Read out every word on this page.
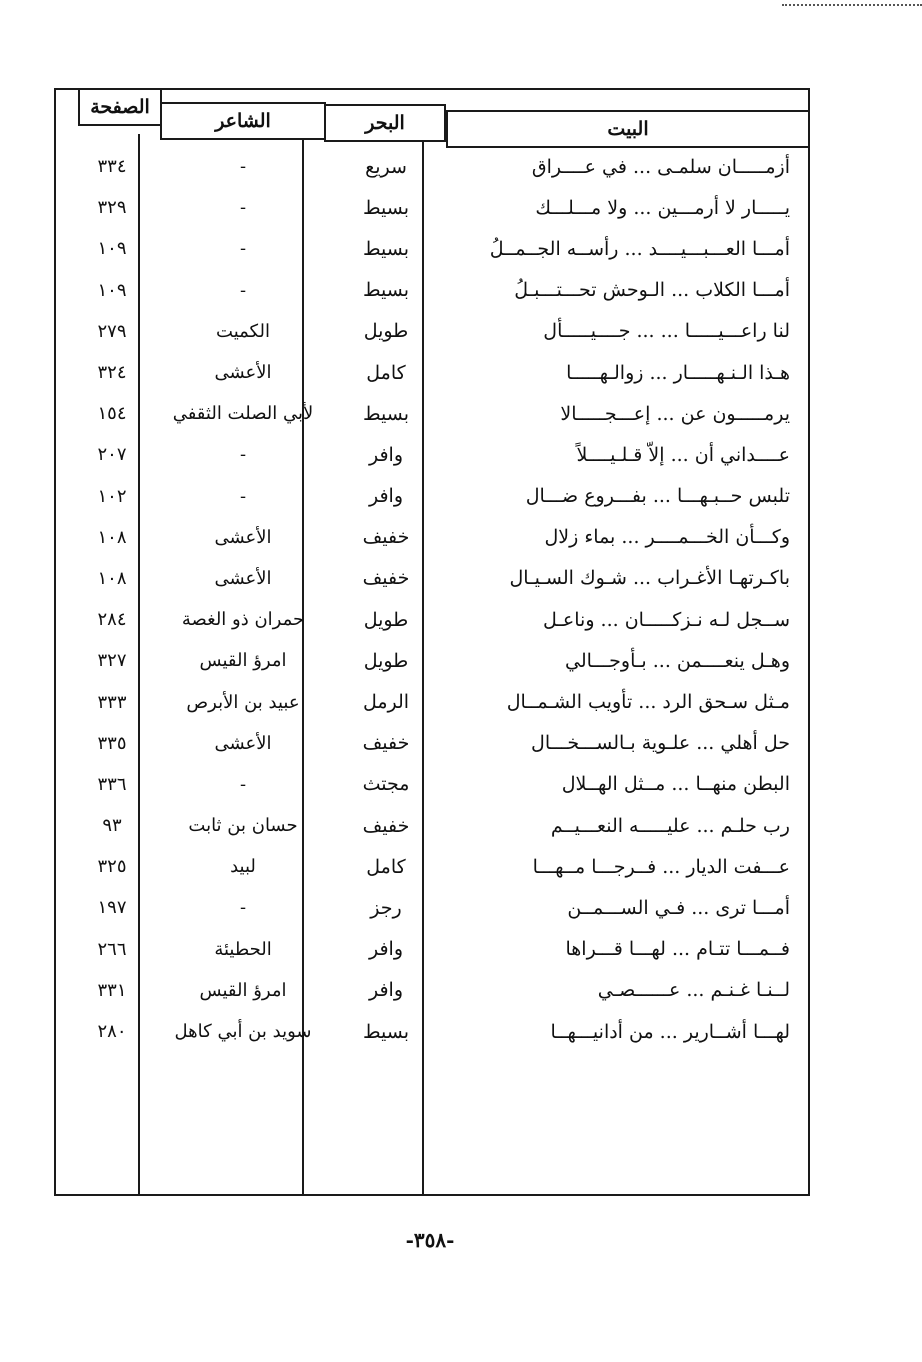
الصفحة
الشاعر	البحر	البيت
أزمـــــان سلمـى ... في عــــراق
سريع
-
٣٣٤
يـــــار لا أرمـــين ... ولا مـــلـــك
بسيط
-
٣٢٩
أمـــا العـــبـــيــــد ... رأســه الجــمــلُ
بسيط
-
١٠٩
أمـــا الكلاب ... الـوحش تحـــتـــبـلُ
بسيط
-
١٠٩
لنا راعـــيـــــا ... ... جــــيـــــأل
طويل
الكميت
٢٧٩
هـذا الـنـهـــــار ... زوالـهـــــا
كامل
الأعشى
٣٢٤
يرمـــــون عن ... إعـــجـــــالا
بسيط
لأبي الصلت الثقفي
١٥٤
عــــداني أن ... إلاّ قـلـيــــلاً
وافر
-
٢٠٧
تلبس حــبـهـــا ... بفـــروع ضـــال
وافر
-
١٠٢
وكـــأن الخـــمــــر ... بماء زلال
خفيف
الأعشى
١٠٨
باكـرتهـا الأغـراب ... شـوك السـيـال
خفيف
الأعشى
١٠٨
ســجل لـه نـزكـــــان ... وناعـل
طويل
حمران ذو الغصة
٢٨٤
وهـل ينعــــمن ... بـأوجـــالي
طويل
امرؤ القيس
٣٢٧
مـثل سـحق الرد ... تأويب الشـمــال
الرمل
عبيد بن الأبرص
٣٣٣
حل أهلي ... علـوية بـالســـخـــال
خفيف
الأعشى
٣٣٥
البطن منهــا ... مــثل الهــلال
مجتث
-
٣٣٦
رب حلـم ... عليـــــه النعـــيــم
خفيف
حسان بن ثابت
٩٣
عـــفت الديار ... فــرجـــا مــهـــا
كامل
لبيد
٣٢٥
أمـــا ترى ... فـي الســـمــن
رجز
-
١٩٧
فــمـــا تتـام ... لهـــا قـــراها
وافر
الحطيئة
٢٦٦
لــنـا غـنـم ... عــــــصـي
وافر
امرؤ القيس
٣٣١
لهـــا أشــارير ... من أدانيـــهــا
بسيط
سويد بن أبي كاهل
٢٨٠
-٣٥٨-
